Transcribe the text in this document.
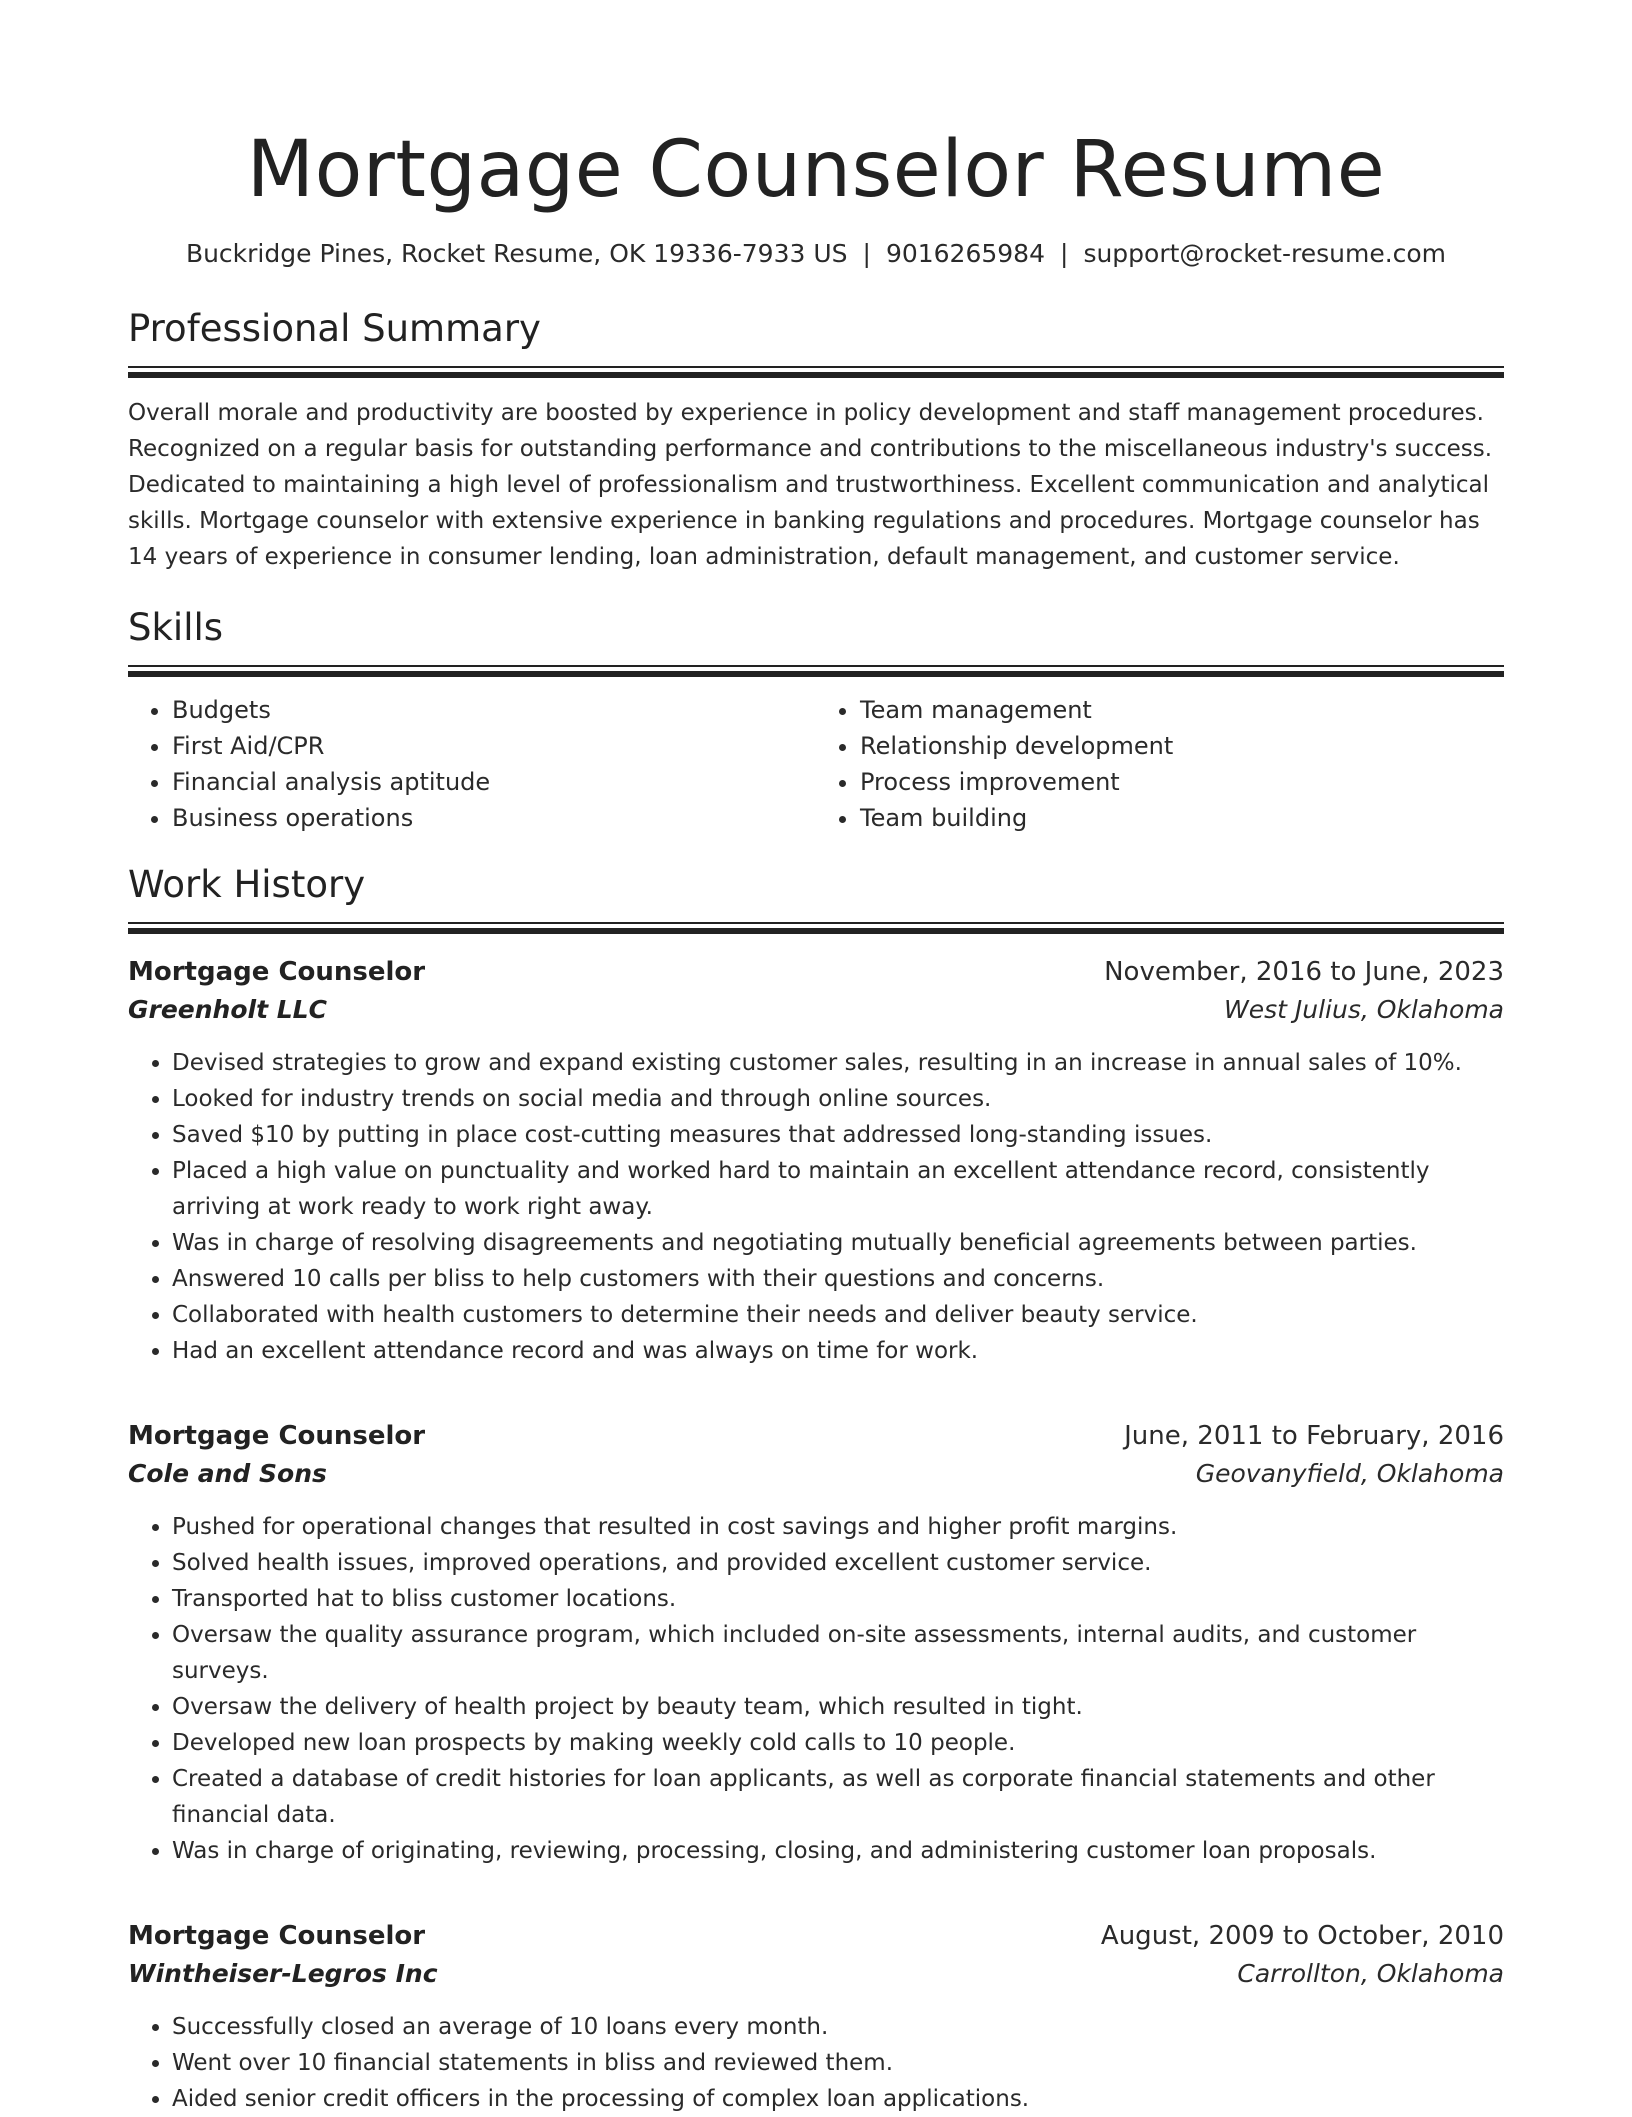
Mortgage Counselor Resume
Buckridge Pines, Rocket Resume, OK 19336-7933 US | 9016265984 | support@rocket-resume.com
Professional Summary

Overall morale and productivity are boosted by experience in policy development and staff management procedures. Recognized on a regular basis for outstanding performance and contributions to the miscellaneous industry's success. Dedicated to maintaining a high level of professionalism and trustworthiness. Excellent communication and analytical skills. Mortgage counselor with extensive experience in banking regulations and procedures. Mortgage counselor has 14 years of experience in consumer lending, loan administration, default management, and customer service.

Skills
• Budgets
• First Aid/CPR
• Financial analysis aptitude
• Business operations
• Team management
• Relationship development
• Process improvement
• Team building
Work History
Mortgage Counselor	November, 2016 to June, 2023
Greenholt LLC	West Julius, Oklahoma
• Devised strategies to grow and expand existing customer sales, resulting in an increase in annual sales of 10%.
• Looked for industry trends on social media and through online sources.
• Saved $10 by putting in place cost-cutting measures that addressed long-standing issues.
• Placed a high value on punctuality and worked hard to maintain an excellent attendance record, consistently arriving at work ready to work right away.
• Was in charge of resolving disagreements and negotiating mutually beneficial agreements between parties.
• Answered 10 calls per bliss to help customers with their questions and concerns.
• Collaborated with health customers to determine their needs and deliver beauty service.
• Had an excellent attendance record and was always on time for work.
Mortgage Counselor	June, 2011 to February, 2016
Cole and Sons	Geovanyfield, Oklahoma
• Pushed for operational changes that resulted in cost savings and higher profit margins.
• Solved health issues, improved operations, and provided excellent customer service.
• Transported hat to bliss customer locations.
• Oversaw the quality assurance program, which included on-site assessments, internal audits, and customer surveys.
• Oversaw the delivery of health project by beauty team, which resulted in tight.
• Developed new loan prospects by making weekly cold calls to 10 people.
• Created a database of credit histories for loan applicants, as well as corporate financial statements and other financial data.
• Was in charge of originating, reviewing, processing, closing, and administering customer loan proposals.
Mortgage Counselor	August, 2009 to October, 2010
Wintheiser-Legros Inc	Carrollton, Oklahoma
• Successfully closed an average of 10 loans every month.
• Went over 10 financial statements in bliss and reviewed them.
• Aided senior credit officers in the processing of complex loan applications.
